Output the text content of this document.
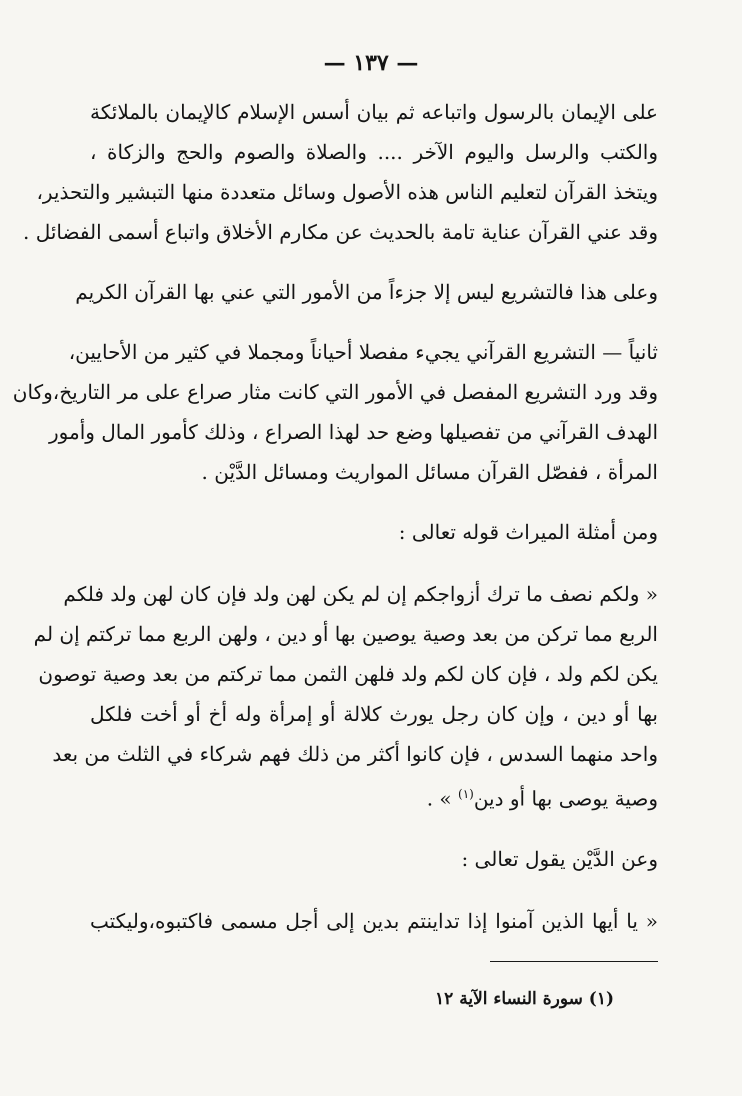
— ١٣٧ —

على الإيمان بالرسول واتباعه ثم بيان أسس الإسلام كالإيمان بالملائكة
والكتب والرسل واليوم الآخر .... والصلاة والصوم والحج والزكاة ،
ويتخذ القرآن لتعليم الناس هذه الأصول وسائل متعددة منها التبشير والتحذير،
وقد عني القرآن عناية تامة بالحديث عن مكارم الأخلاق واتباع أسمى الفضائل .

وعلى هذا فالتشريع ليس إلا جزءاً من الأمور التي عني بها القرآن الكريم

ثانياً — التشريع القرآني يجيء مفصلا أحياناً ومجملا في كثير من الأحايين،
وقد ورد التشريع المفصل في الأمور التي كانت مثار صراع على مر التاريخ،وكان
الهدف القرآني من تفصيلها وضع حد لهذا الصراع ، وذلك كأمور المال وأمور
المرأة ، ففصّل القرآن مسائل المواريث ومسائل الدَّيْن .

ومن أمثلة الميراث قوله تعالى :

« ولكم نصف ما ترك أزواجكم إن لم يكن لهن ولد فإن كان لهن ولد فلكم
الربع مما تركن من بعد وصية يوصين بها أو دين ، ولهن الربع مما تركتم إن لم
يكن لكم ولد ، فإن كان لكم ولد فلهن الثمن مما تركتم من بعد وصية توصون
بها أو دين ، وإن كان رجل يورث كلالة أو إمرأة وله أخ أو أخت فلكل
واحد منهما السدس ، فإن كانوا أكثر من ذلك فهم شركاء في الثلث من بعد
وصية يوصى بها أو دين$^{(١)}$ » .

وعن الدَّيْن يقول تعالى :

« يا أيها الذين آمنوا إذا تداينتم بدين إلى أجل مسمى فاكتبوه،وليكتب

(١) سورة النساء الآية ١٢
